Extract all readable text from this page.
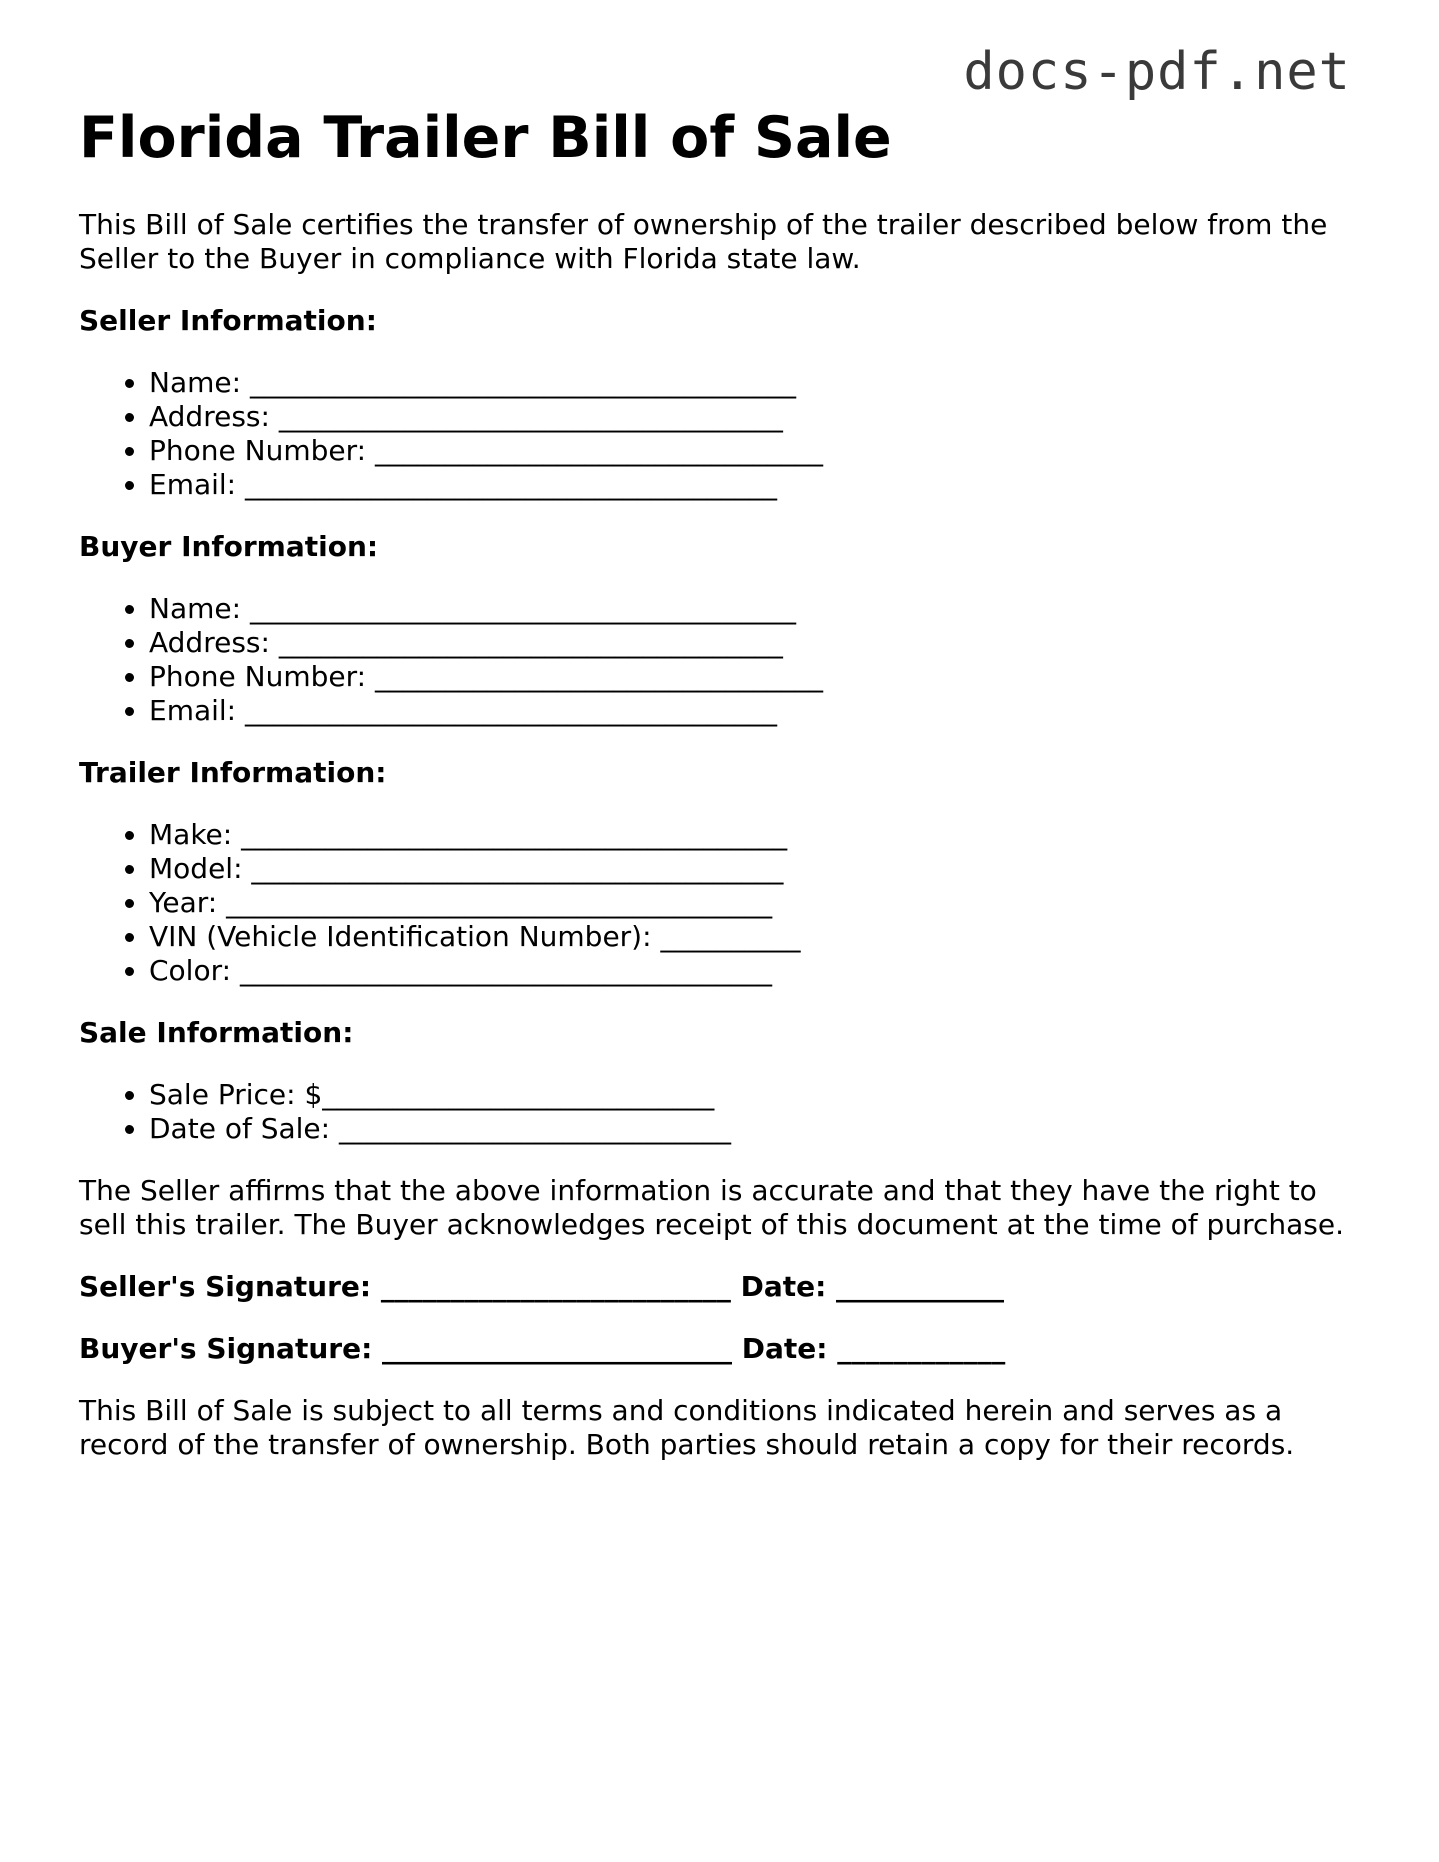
docs-pdf.net
Florida Trailer Bill of Sale

This Bill of Sale certifies the transfer of ownership of the trailer described below from the Seller to the Buyer in compliance with Florida state law.

Seller Information:

• Name: _______________________________________
• Address: ____________________________________
• Phone Number: ________________________________
• Email: ______________________________________

Buyer Information:

• Name: _______________________________________
• Address: ____________________________________
• Phone Number: ________________________________
• Email: ______________________________________

Trailer Information:

• Make: _______________________________________
• Model: ______________________________________
• Year: _______________________________________
• VIN (Vehicle Identification Number): __________
• Color: ______________________________________

Sale Information:

• Sale Price: $____________________________
• Date of Sale: ____________________________

The Seller affirms that the above information is accurate and that they have the right to sell this trailer. The Buyer acknowledges receipt of this document at the time of purchase.

Seller's Signature: _________________________ Date: ____________

Buyer's Signature: _________________________ Date: ____________

This Bill of Sale is subject to all terms and conditions indicated herein and serves as a record of the transfer of ownership. Both parties should retain a copy for their records.
